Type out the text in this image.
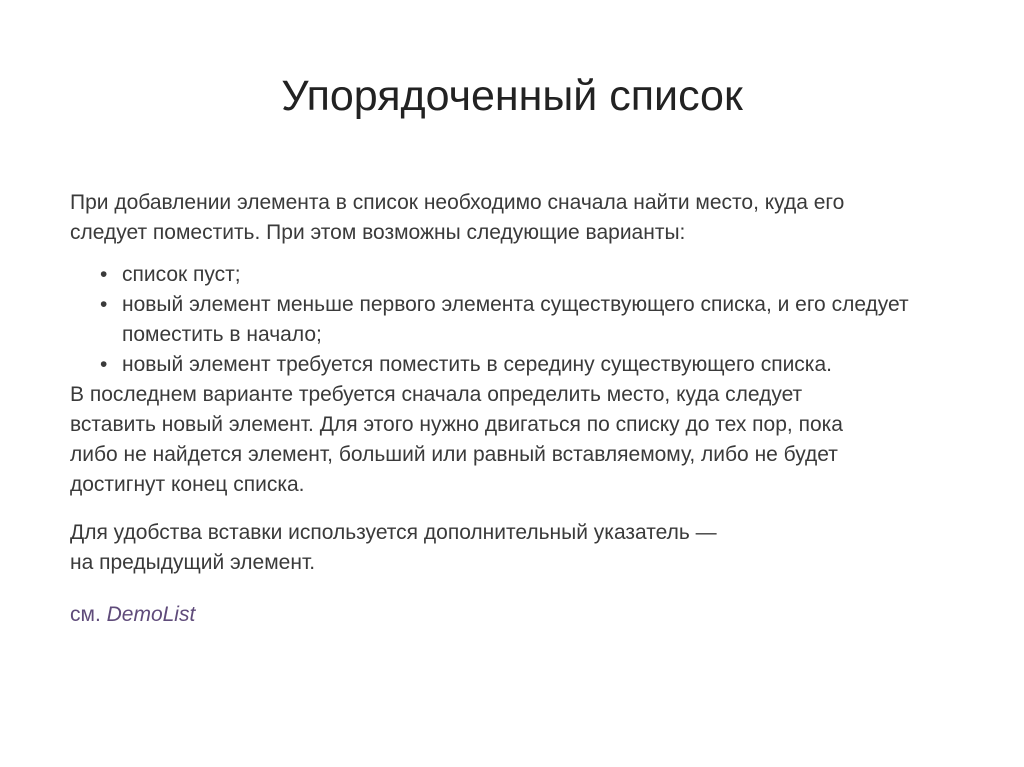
Упорядоченный список

При добавлении элемента в список необходимо сначала найти место, куда его
следует поместить. При этом возможны следующие варианты:

• список пуст;
• новый элемент меньше первого элемента существующего списка, и его следует поместить в начало;
• новый элемент требуется поместить в середину существующего списка.

В последнем варианте требуется сначала определить место, куда следует
вставить новый элемент. Для этого нужно двигаться по списку до тех пор, пока
либо не найдется элемент, больший или равный вставляемому, либо не будет
достигнут конец списка.

Для удобства вставки используется дополнительный указатель —
на предыдущий элемент.

см. DemoList
